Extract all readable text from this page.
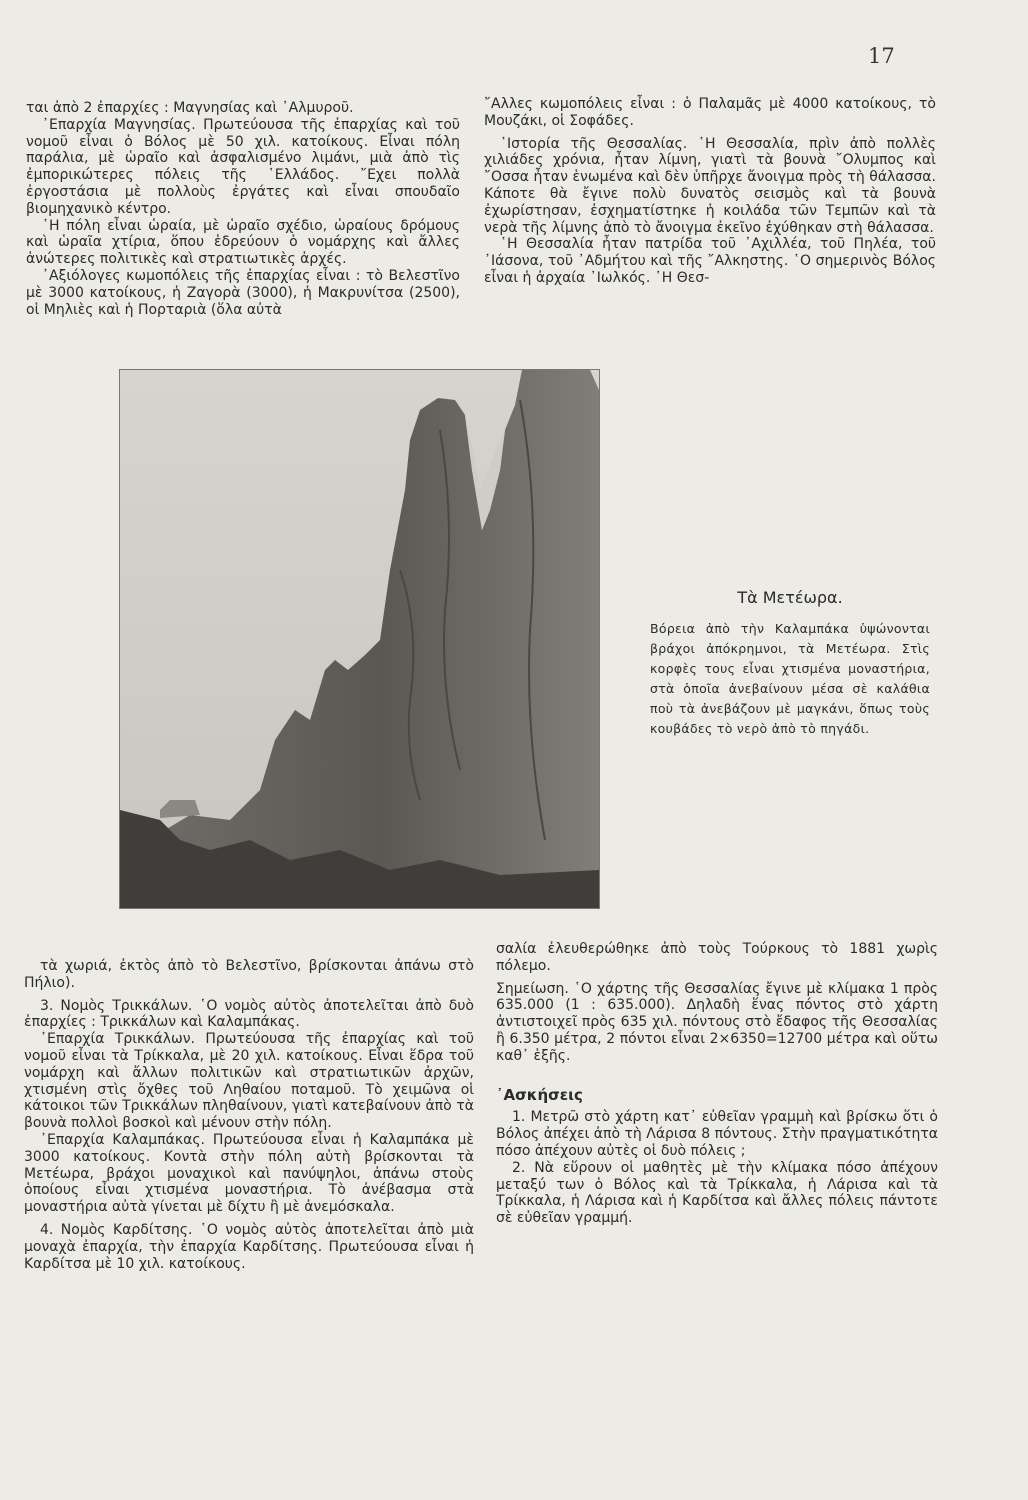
17

ται ἀπὸ 2 ἐπαρχίες : Μαγνησίας καὶ ᾿Αλμυροῦ.

᾿Επαρχία Μαγνησίας. Πρωτεύουσα τῆς ἐπαρχίας καὶ τοῦ νομοῦ εἶναι ὁ Βόλος μὲ 50 χιλ. κατοίκους. Εἶναι πόλη παράλια, μὲ ὡραῖο καὶ ἀσφαλισμένο λιμάνι, μιὰ ἀπὸ τὶς ἐμπορικώτερες πόλεις τῆς ῾Ελλάδος. ῎Εχει πολλὰ ἐργοστάσια μὲ πολλοὺς ἐργάτες καὶ εἶναι σπουδαῖο βιομηχανικὸ κέντρο.

῾Η πόλη εἶναι ὡραία, μὲ ὡραῖο σχέδιο, ὡραίους δρόμους καὶ ὡραῖα χτίρια, ὅπου ἑδρεύουν ὁ νομάρχης καὶ ἄλλες ἀνώτερες πολιτικὲς καὶ στρατιωτικὲς ἀρχές.

᾿Αξιόλογες κωμοπόλεις τῆς ἐπαρχίας εἶναι : τὸ Βελεστῖνο μὲ 3000 κατοίκους, ἡ Ζαγορὰ (3000), ἡ Μακρυνίτσα (2500), οἱ Μηλιὲς καὶ ἡ Πορταριὰ (ὅλα αὐτὰ

῎Αλλες κωμοπόλεις εἶναι : ὁ Παλαμᾶς μὲ 4000 κατοίκους, τὸ Μουζάκι, οἱ Σοφάδες.

῾Ιστορία τῆς Θεσσαλίας. ῾Η Θεσσαλία, πρὶν ἀπὸ πολλὲς χιλιάδες χρόνια, ἦταν λίμνη, γιατὶ τὰ βουνὰ ῎Ολυμπος καὶ ῎Οσσα ἦταν ἑνωμένα καὶ δὲν ὑπῆρχε ἄνοιγμα πρὸς τὴ θάλασσα. Κάποτε θὰ ἔγινε πολὺ δυνατὸς σεισμὸς καὶ τὰ βουνὰ ἐχωρίστησαν, ἐσχηματίστηκε ἡ κοιλάδα τῶν Τεμπῶν καὶ τὰ νερὰ τῆς λίμνης ἀπὸ τὸ ἄνοιγμα ἐκεῖνο ἐχύθηκαν στὴ θάλασσα.

῾Η Θεσσαλία ἦταν πατρίδα τοῦ ᾿Αχιλλέα, τοῦ Πηλέα, τοῦ ᾿Ιάσονα, τοῦ ᾿Αδμήτου καὶ τῆς ῎Αλκηστης. ῾Ο σημερινὸς Βόλος εἶναι ἡ ἀρχαία ᾿Ιωλκός. ῾Η Θεσ-

Τὰ Μετέωρα.
Βόρεια ἀπὸ τὴν Καλαμπάκα ὑψώνονται βράχοι ἀπόκρημνοι, τὰ Μετέωρα. Στὶς κορφὲς τους εἶναι χτισμένα μοναστήρια, στὰ ὁποῖα ἀνεβαίνουν μέσα σὲ καλάθια ποὺ τὰ ἀνεβάζουν μὲ μαγκάνι, ὅπως τοὺς κουβάδες τὸ νερὸ ἀπὸ τὸ πηγάδι.

τὰ χωριά, ἐκτὸς ἀπὸ τὸ Βελεστῖνο, βρίσκονται ἀπάνω στὸ Πήλιο).

3. Νομὸς Τρικκάλων. ῾Ο νομὸς αὐτὸς ἀποτελεῖται ἀπὸ δυὸ ἐπαρχίες : Τρικκάλων καὶ Καλαμπάκας.

᾿Επαρχία Τρικκάλων. Πρωτεύουσα τῆς ἐπαρχίας καὶ τοῦ νομοῦ εἶναι τὰ Τρίκκαλα, μὲ 20 χιλ. κατοίκους. Εἶναι ἕδρα τοῦ νομάρχη καὶ ἄλλων πολιτικῶν καὶ στρατιωτικῶν ἀρχῶν, χτισμένη στὶς ὄχθες τοῦ Ληθαίου ποταμοῦ. Τὸ χειμῶνα οἱ κάτοικοι τῶν Τρικκάλων πληθαίνουν, γιατὶ κατεβαίνουν ἀπὸ τὰ βουνὰ πολλοὶ βοσκοὶ καὶ μένουν στὴν πόλη.

᾿Επαρχία Καλαμπάκας. Πρωτεύουσα εἶναι ἡ Καλαμπάκα μὲ 3000 κατοίκους. Κοντὰ στὴν πόλη αὐτὴ βρίσκονται τὰ Μετέωρα, βράχοι μοναχικοὶ καὶ πανύψηλοι, ἀπάνω στοὺς ὁποίους εἶναι χτισμένα μοναστήρια. Τὸ ἀνέβασμα στὰ μοναστήρια αὐτὰ γίνεται μὲ δίχτυ ἢ μὲ ἀνεμόσκαλα.

4. Νομὸς Καρδίτσης. ῾Ο νομὸς αὐτὸς ἀποτελεῖται ἀπὸ μιὰ μοναχὰ ἐπαρχία, τὴν ἐπαρχία Καρδίτσης. Πρωτεύουσα εἶναι ἡ Καρδίτσα μὲ 10 χιλ. κατοίκους.

σαλία ἐλευθερώθηκε ἀπὸ τοὺς Τούρκους τὸ 1881 χωρὶς πόλεμο.

Σημείωση. ῾Ο χάρτης τῆς Θεσσαλίας ἔγινε μὲ κλίμακα 1 πρὸς 635.000 (1 : 635.000). Δηλαδὴ ἕνας πόντος στὸ χάρτη ἀντιστοιχεῖ πρὸς 635 χιλ. πόντους στὸ ἔδαφος τῆς Θεσσαλίας ἢ 6.350 μέτρα, 2 πόντοι εἶναι 2×6350=12700 μέτρα καὶ οὕτω καθ᾿ ἑξῆς.

᾿Ασκήσεις

1. Μετρῶ στὸ χάρτη κατ᾿ εὐθεῖαν γραμμὴ καὶ βρίσκω ὅτι ὁ Βόλος ἀπέχει ἀπὸ τὴ Λάρισα 8 πόντους. Στὴν πραγματικότητα πόσο ἀπέχουν αὐτὲς οἱ δυὸ πόλεις ;

2. Νὰ εὕρουν οἱ μαθητὲς μὲ τὴν κλίμακα πόσο ἀπέχουν μεταξύ των ὁ Βόλος καὶ τὰ Τρίκκαλα, ἡ Λάρισα καὶ τὰ Τρίκκαλα, ἡ Λάρισα καὶ ἡ Καρδίτσα καὶ ἄλλες πόλεις πάντοτε σὲ εὐθεῖαν γραμμή.
